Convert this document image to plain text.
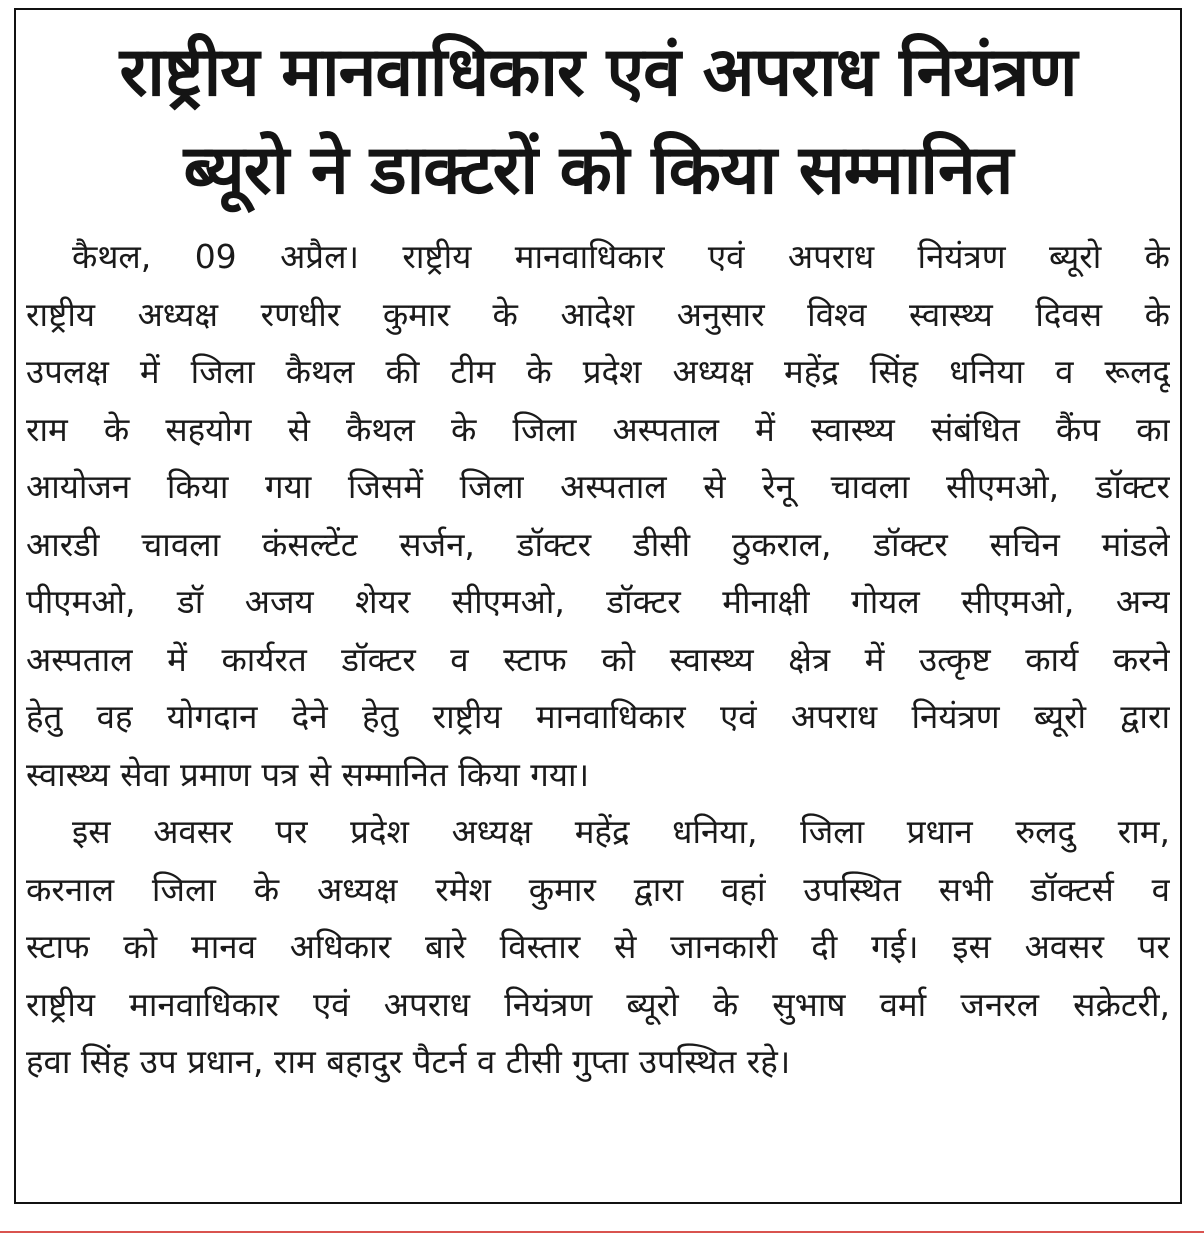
राष्ट्रीय मानवाधिकार एवं अपराध नियंत्रण
ब्यूरो ने डाक्टरों को किया सम्मानित
कैथल, 09 अप्रैल। राष्ट्रीय मानवाधिकार एवं अपराध नियंत्रण ब्यूरो के
राष्ट्रीय अध्यक्ष रणधीर कुमार के आदेश अनुसार विश्व स्वास्थ्य दिवस के
उपलक्ष में जिला कैथल की टीम के प्रदेश अध्यक्ष महेंद्र सिंह धनिया व रूलदू
राम के सहयोग से कैथल के जिला अस्पताल में स्वास्थ्य संबंधित कैंप का
आयोजन किया गया जिसमें जिला अस्पताल से रेनू चावला सीएमओ, डॉक्टर
आरडी चावला कंसल्टेंट सर्जन, डॉक्टर डीसी ठुकराल, डॉक्टर सचिन मांडले
पीएमओ, डॉ अजय शेयर सीएमओ, डॉक्टर मीनाक्षी गोयल सीएमओ, अन्य
अस्पताल में कार्यरत डॉक्टर व स्टाफ को स्वास्थ्य क्षेत्र में उत्कृष्ट कार्य करने
हेतु वह योगदान देने हेतु राष्ट्रीय मानवाधिकार एवं अपराध नियंत्रण ब्यूरो द्वारा
स्वास्थ्य सेवा प्रमाण पत्र से सम्मानित किया गया।
इस अवसर पर प्रदेश अध्यक्ष महेंद्र धनिया, जिला प्रधान रुलदु राम,
करनाल जिला के अध्यक्ष रमेश कुमार द्वारा वहां उपस्थित सभी डॉक्टर्स व
स्टाफ को मानव अधिकार बारे विस्तार से जानकारी दी गई। इस अवसर पर
राष्ट्रीय मानवाधिकार एवं अपराध नियंत्रण ब्यूरो के सुभाष वर्मा जनरल सक्रेटरी,
हवा सिंह उप प्रधान, राम बहादुर पैटर्न व टीसी गुप्ता उपस्थित रहे।
